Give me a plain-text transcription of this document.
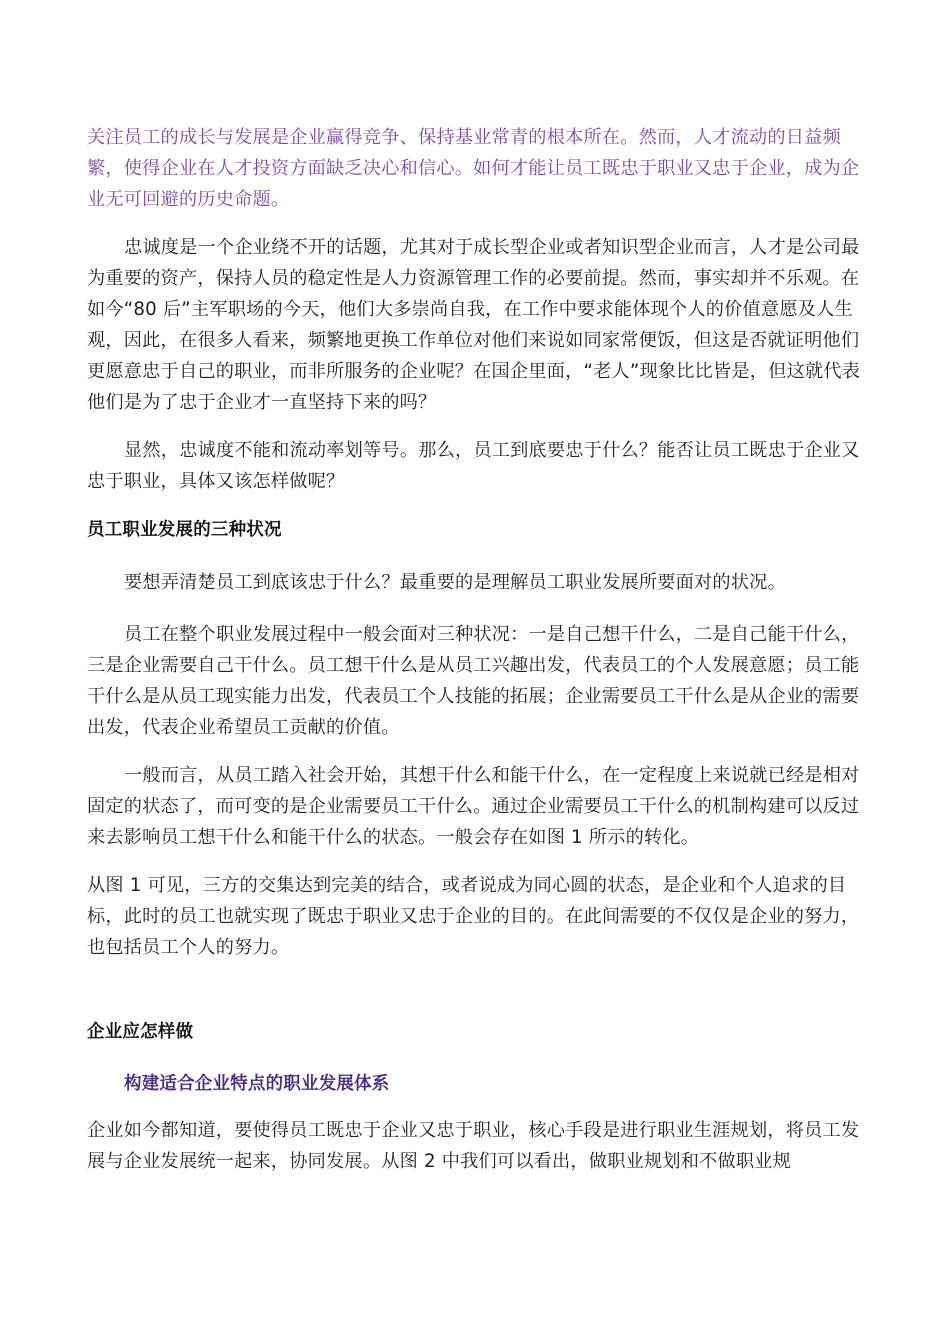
关注员工的成长与发展是企业赢得竞争、保持基业常青的根本所在。然而，人才流动的日益频繁，使得企业在人才投资方面缺乏决心和信心。如何才能让员工既忠于职业又忠于企业，成为企业无可回避的历史命题。

忠诚度是一个企业绕不开的话题，尤其对于成长型企业或者知识型企业而言，人才是公司最为重要的资产，保持人员的稳定性是人力资源管理工作的必要前提。然而，事实却并不乐观。在如今“80 后”主军职场的今天，他们大多崇尚自我，在工作中要求能体现个人的价值意愿及人生观，因此，在很多人看来，频繁地更换工作单位对他们来说如同家常便饭，但这是否就证明他们更愿意忠于自己的职业，而非所服务的企业呢？在国企里面，“老人”现象比比皆是，但这就代表他们是为了忠于企业才一直坚持下来的吗？

显然，忠诚度不能和流动率划等号。那么，员工到底要忠于什么？能否让员工既忠于企业又忠于职业，具体又该怎样做呢？

员工职业发展的三种状况

要想弄清楚员工到底该忠于什么？最重要的是理解员工职业发展所要面对的状况。

员工在整个职业发展过程中一般会面对三种状况：一是自己想干什么，二是自己能干什么，三是企业需要自己干什么。员工想干什么是从员工兴趣出发，代表员工的个人发展意愿；员工能干什么是从员工现实能力出发，代表员工个人技能的拓展；企业需要员工干什么是从企业的需要出发，代表企业希望员工贡献的价值。

一般而言，从员工踏入社会开始，其想干什么和能干什么，在一定程度上来说就已经是相对固定的状态了，而可变的是企业需要员工干什么。通过企业需要员工干什么的机制构建可以反过来去影响员工想干什么和能干什么的状态。一般会存在如图 1 所示的转化。

从图 1 可见，三方的交集达到完美的结合，或者说成为同心圆的状态，是企业和个人追求的目标，此时的员工也就实现了既忠于职业又忠于企业的目的。在此间需要的不仅仅是企业的努力，也包括员工个人的努力。

企业应怎样做

构建适合企业特点的职业发展体系

企业如今都知道，要使得员工既忠于企业又忠于职业，核心手段是进行职业生涯规划，将员工发展与企业发展统一起来，协同发展。从图 2 中我们可以看出，做职业规划和不做职业规
